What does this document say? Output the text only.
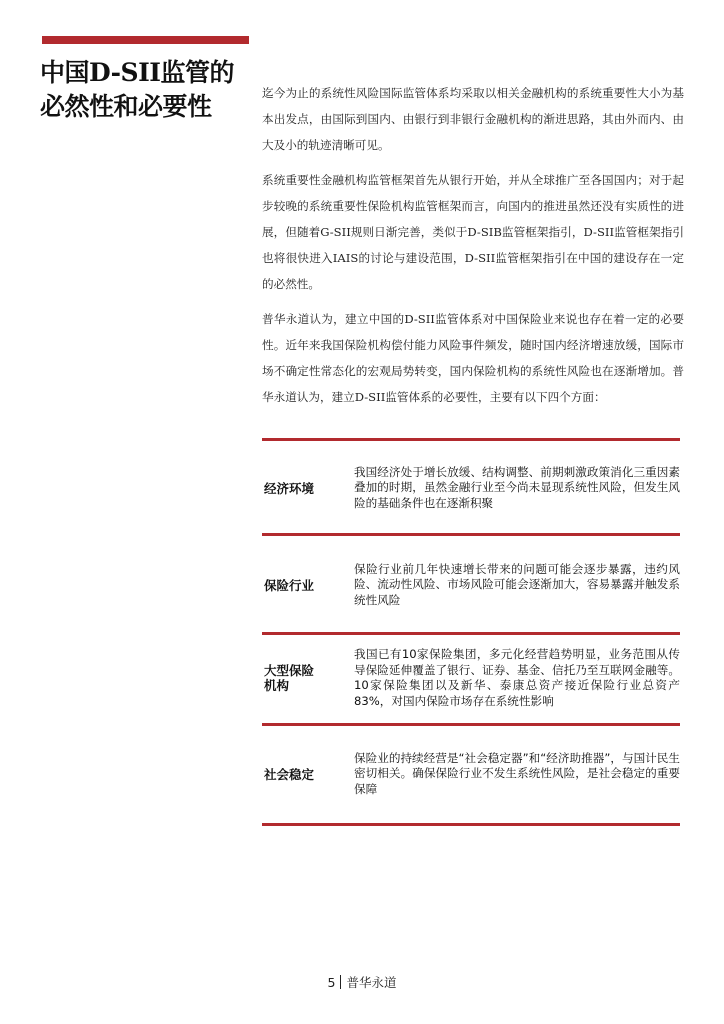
中国D-SII监管的
必然性和必要性	迄今为止的系统性风险国际监管体系均采取以相关金融机构的系统重要性大小为基本出发点，由国际到国内、由银行到非银行金融机构的渐进思路，其由外而内、由大及小的轨迹清晰可见。

系统重要性金融机构监管框架首先从银行开始，并从全球推广至各国国内；对于起步较晚的系统重要性保险机构监管框架而言，向国内的推进虽然还没有实质性的进展，但随着G-SII规则日渐完善，类似于D-SIB监管框架指引，D-SII监管框架指引也将很快进入IAIS的讨论与建设范围，D-SII监管框架指引在中国的建设存在一定的必然性。

普华永道认为，建立中国的D-SII监管体系对中国保险业来说也存在着一定的必要性。近年来我国保险机构偿付能力风险事件频发，随时国内经济增速放缓，国际市场不确定性常态化的宏观局势转变，国内保险机构的系统性风险也在逐渐增加。普华永道认为，建立D-SII监管体系的必要性，主要有以下四个方面：

经济环境
我国经济处于增长放缓、结构调整、前期刺激政策消化三重因素叠加的时期，虽然金融行业至今尚未显现系统性风险，但发生风险的基础条件也在逐渐积聚
保险行业
保险行业前几年快速增长带来的问题可能会逐步暴露，违约风险、流动性风险、市场风险可能会逐渐加大，容易暴露并触发系统性风险
大型保险机构
我国已有10家保险集团，多元化经营趋势明显，业务范围从传导保险延伸覆盖了银行、证券、基金、信托乃至互联网金融等。10家保险集团以及新华、泰康总资产接近保险行业总资产83%，对国内保险市场存在系统性影响
社会稳定
保险业的持续经营是“社会稳定器”和“经济助推器”，与国计民生密切相关。确保保险行业不发生系统性风险，是社会稳定的重要保障
5 普华永道
